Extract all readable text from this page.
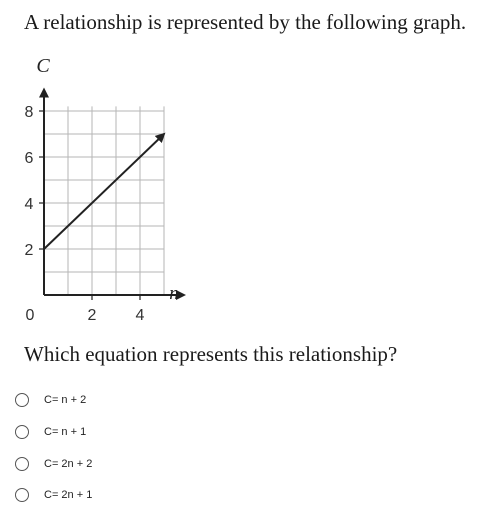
A relationship is represented by the following graph.
2
4
6
8
2 4
C
n
0
Which equation represents this relationship?
C= n + 2
C= n + 1
C= 2n + 2
C= 2n + 1
